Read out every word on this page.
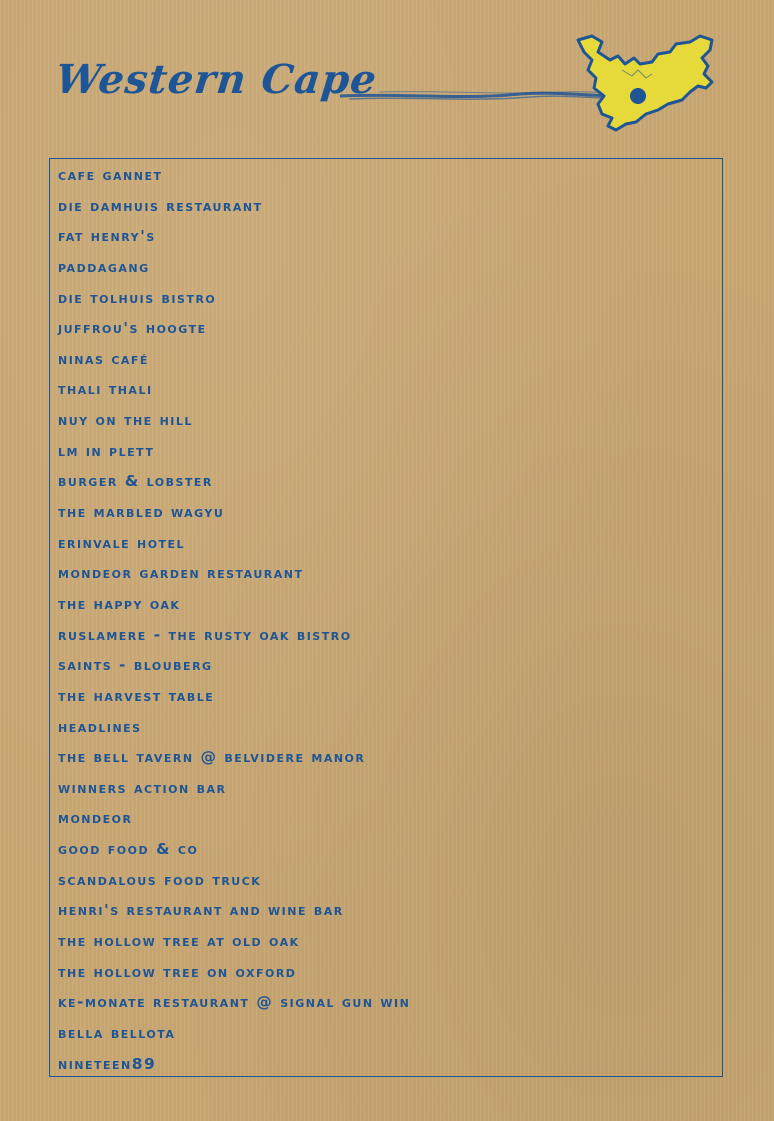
Western Cape
cafe gannet
die damhuis restaurant
fat henry's
paddagang
die tolhuis bistro
juffrou's hoogte
ninas café
thali thali
nuy on the hill
lm in plett
burger & lobster
the marbled wagyu
erinvale hotel
mondeor garden restaurant
the happy oak
ruslamere - the rusty oak bistro
saints - blouberg
the harvest table
headlines
the bell tavern @ belvidere manor
winners action bar
mondeor
good food & co
scandalous food truck
henri's restaurant and wine bar
the hollow tree at old oak
the hollow tree on oxford
ke-monate restaurant @ signal gun win
bella bellota
nineteen89
